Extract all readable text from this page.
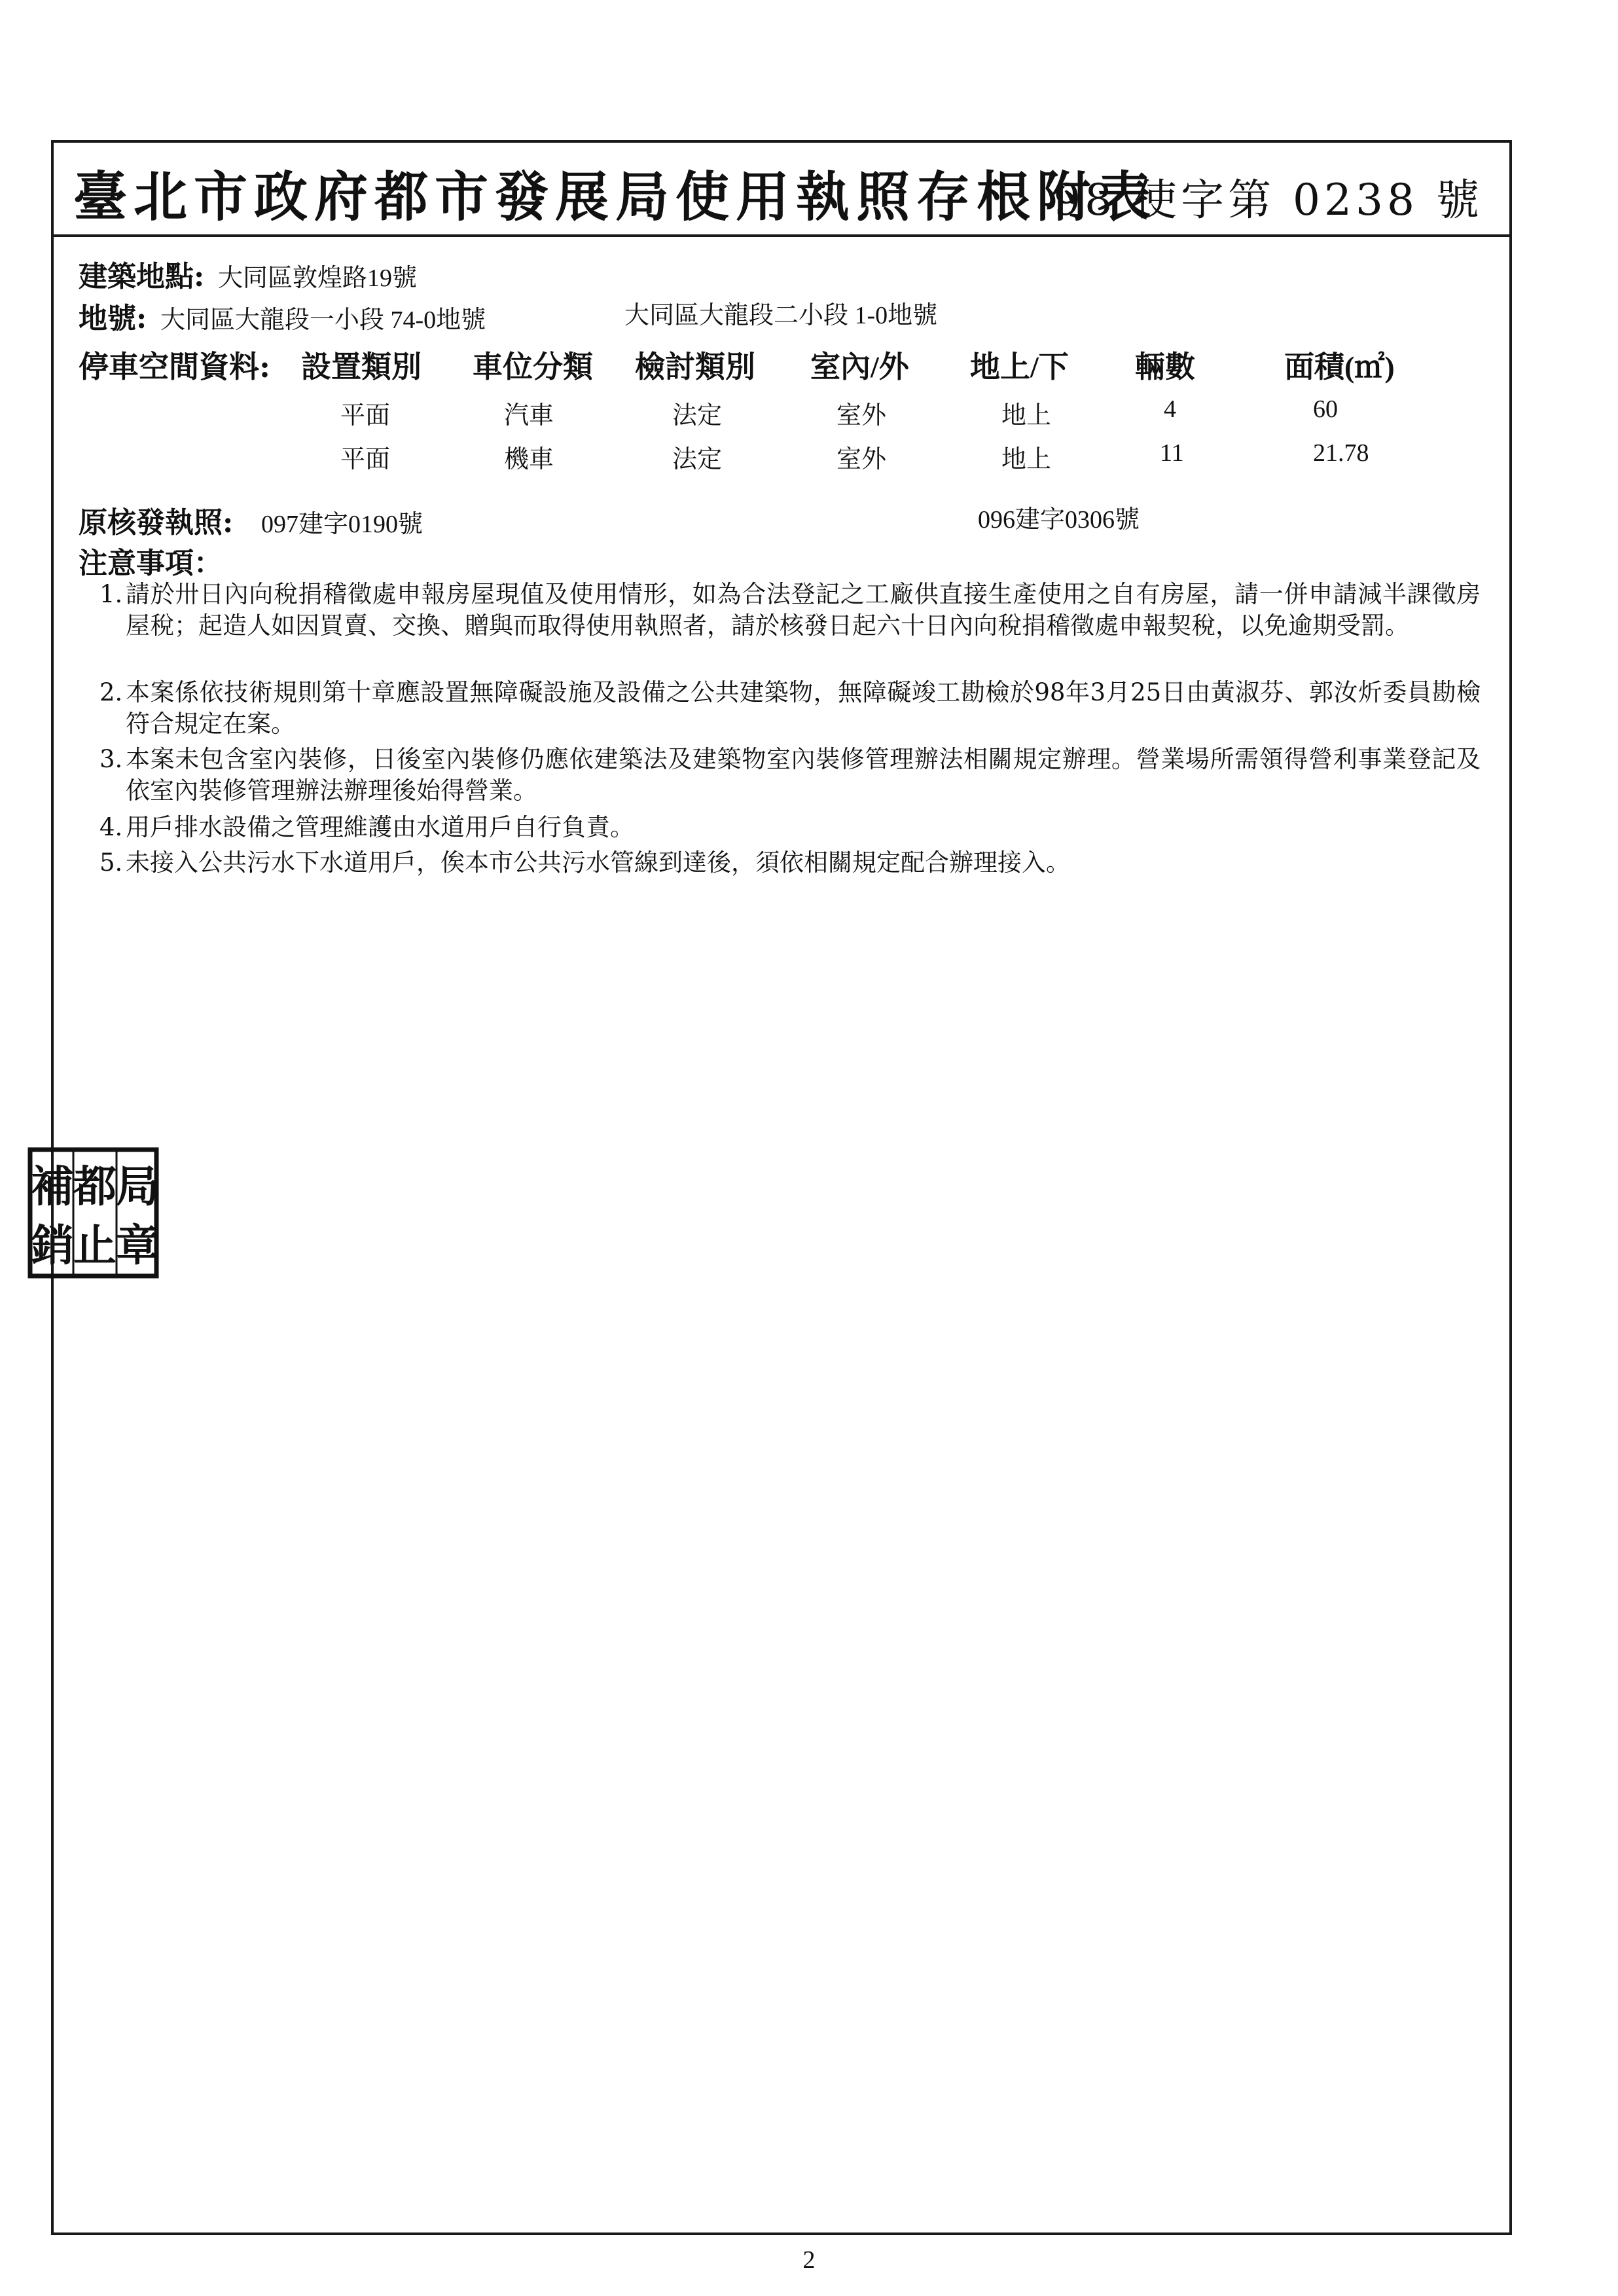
臺北市政府都市發展局使用執照存根附表
98 使字第 0238 號
建築地點: 大同區敦煌路19號
地號: 大同區大龍段一小段 74-0地號	大同區大龍段二小段 1-0地號
停車空間資料: 設置類別 車位分類 檢討類別 室內/外 地上/下 輛數	面積(㎡)
平面	汽車	法定	室外	地上	4	60
平面	機車	法定	室外	地上	11	21.78
原核發執照: 097建字0190號	096建字0306號
注意事項：
1. 請於卅日內向稅捐稽徵處申報房屋現值及使用情形，如為合法登記之工廠供直接生產使用之自有房屋，請一併申請減半課徵房屋稅；起造人如因買賣、交換、贈與而取得使用執照者，請於核發日起六十日內向稅捐稽徵處申報契稅，以免逾期受罰。
2. 本案係依技術規則第十章應設置無障礙設施及設備之公共建築物，無障礙竣工勘檢於98年3月25日由黃淑芬、郭汝炘委員勘檢符合規定在案。
3. 本案未包含室內裝修，日後室內裝修仍應依建築法及建築物室內裝修管理辦法相關規定辦理。營業場所需領得營利事業登記及依室內裝修管理辦法辦理後始得營業。
4. 用戶排水設備之管理維護由水道用戶自行負責。
5. 未接入公共污水下水道用戶，俟本市公共污水管線到達後，須依相關規定配合辦理接入。
局
都
補
章
止
銷
2
